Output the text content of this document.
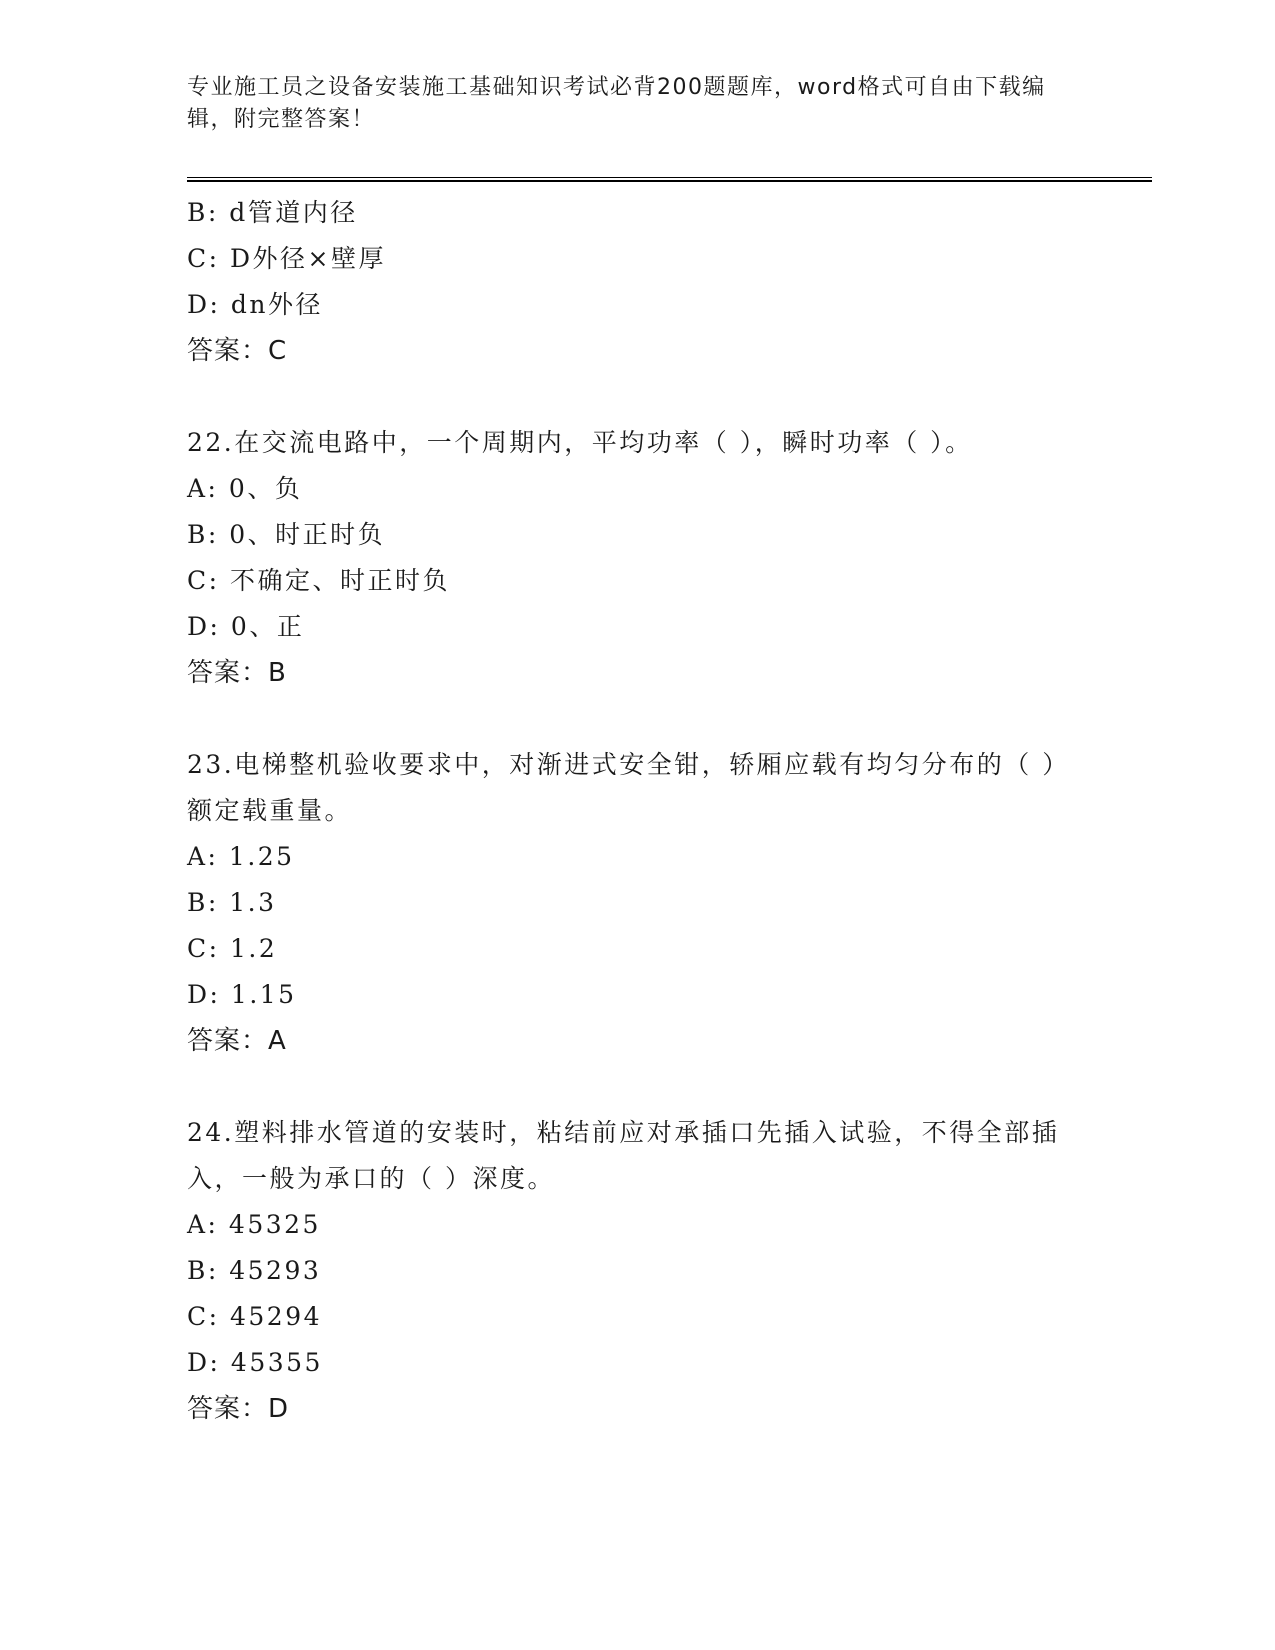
专业施工员之设备安装施工基础知识考试必背200题题库，word格式可自由下载编辑，附完整答案！
B: d管道内径
C: D外径×壁厚
D: dn外径
答案：C
22.在交流电路中，一个周期内，平均功率（ ），瞬时功率（ ）。
A: 0、负
B: 0、时正时负
C: 不确定、时正时负
D: 0、正
答案：B
23.电梯整机验收要求中，对渐进式安全钳，轿厢应载有均匀分布的（ ）额定载重量。
A: 1.25
B: 1.3
C: 1.2
D: 1.15
答案：A
24.塑料排水管道的安装时，粘结前应对承插口先插入试验，不得全部插入，一般为承口的（ ）深度。
A: 45325
B: 45293
C: 45294
D: 45355
答案：D
